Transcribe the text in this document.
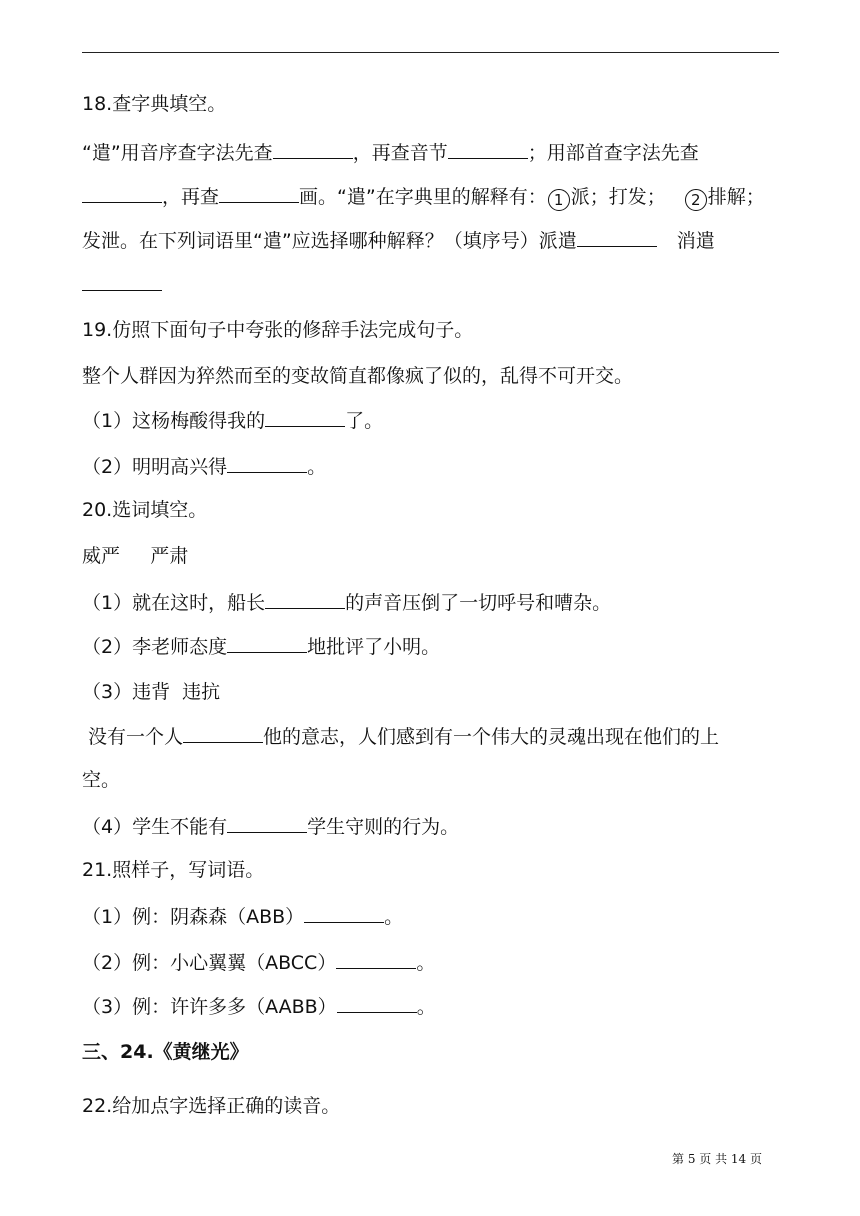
18.查字典填空。
“遣”用音序查字法先查	，再查音节	；用部首查字法先查
，再查	画。“遣”在字典里的解释有： 1 派；打发； 2 排解；
发泄。在下列词语里“遣”应选择哪种解释？（填序号）派遣	消遣
19.仿照下面句子中夸张的修辞手法完成句子。
整个人群因为猝然而至的变故简直都像疯了似的，乱得不可开交。
（1）这杨梅酸得我的	了。
（2）明明高兴得	。
20.选词填空。
威严     严肃
（1）就在这时，船长	的声音压倒了一切呼号和嘈杂。
（2）李老师态度	地批评了小明。
（3）违背  违抗
没有一个人	他的意志，人们感到有一个伟大的灵魂出现在他们的上
空。
（4）学生不能有	学生守则的行为。
21.照样子，写词语。
（1）例：阴森森（ABB）	。
（2）例：小心翼翼（ABCC）	。
（3）例：许许多多（AABB）	。
三、24.《黄继光》
22.给加点字选择正确的读音。
第 5 页 共 14 页
